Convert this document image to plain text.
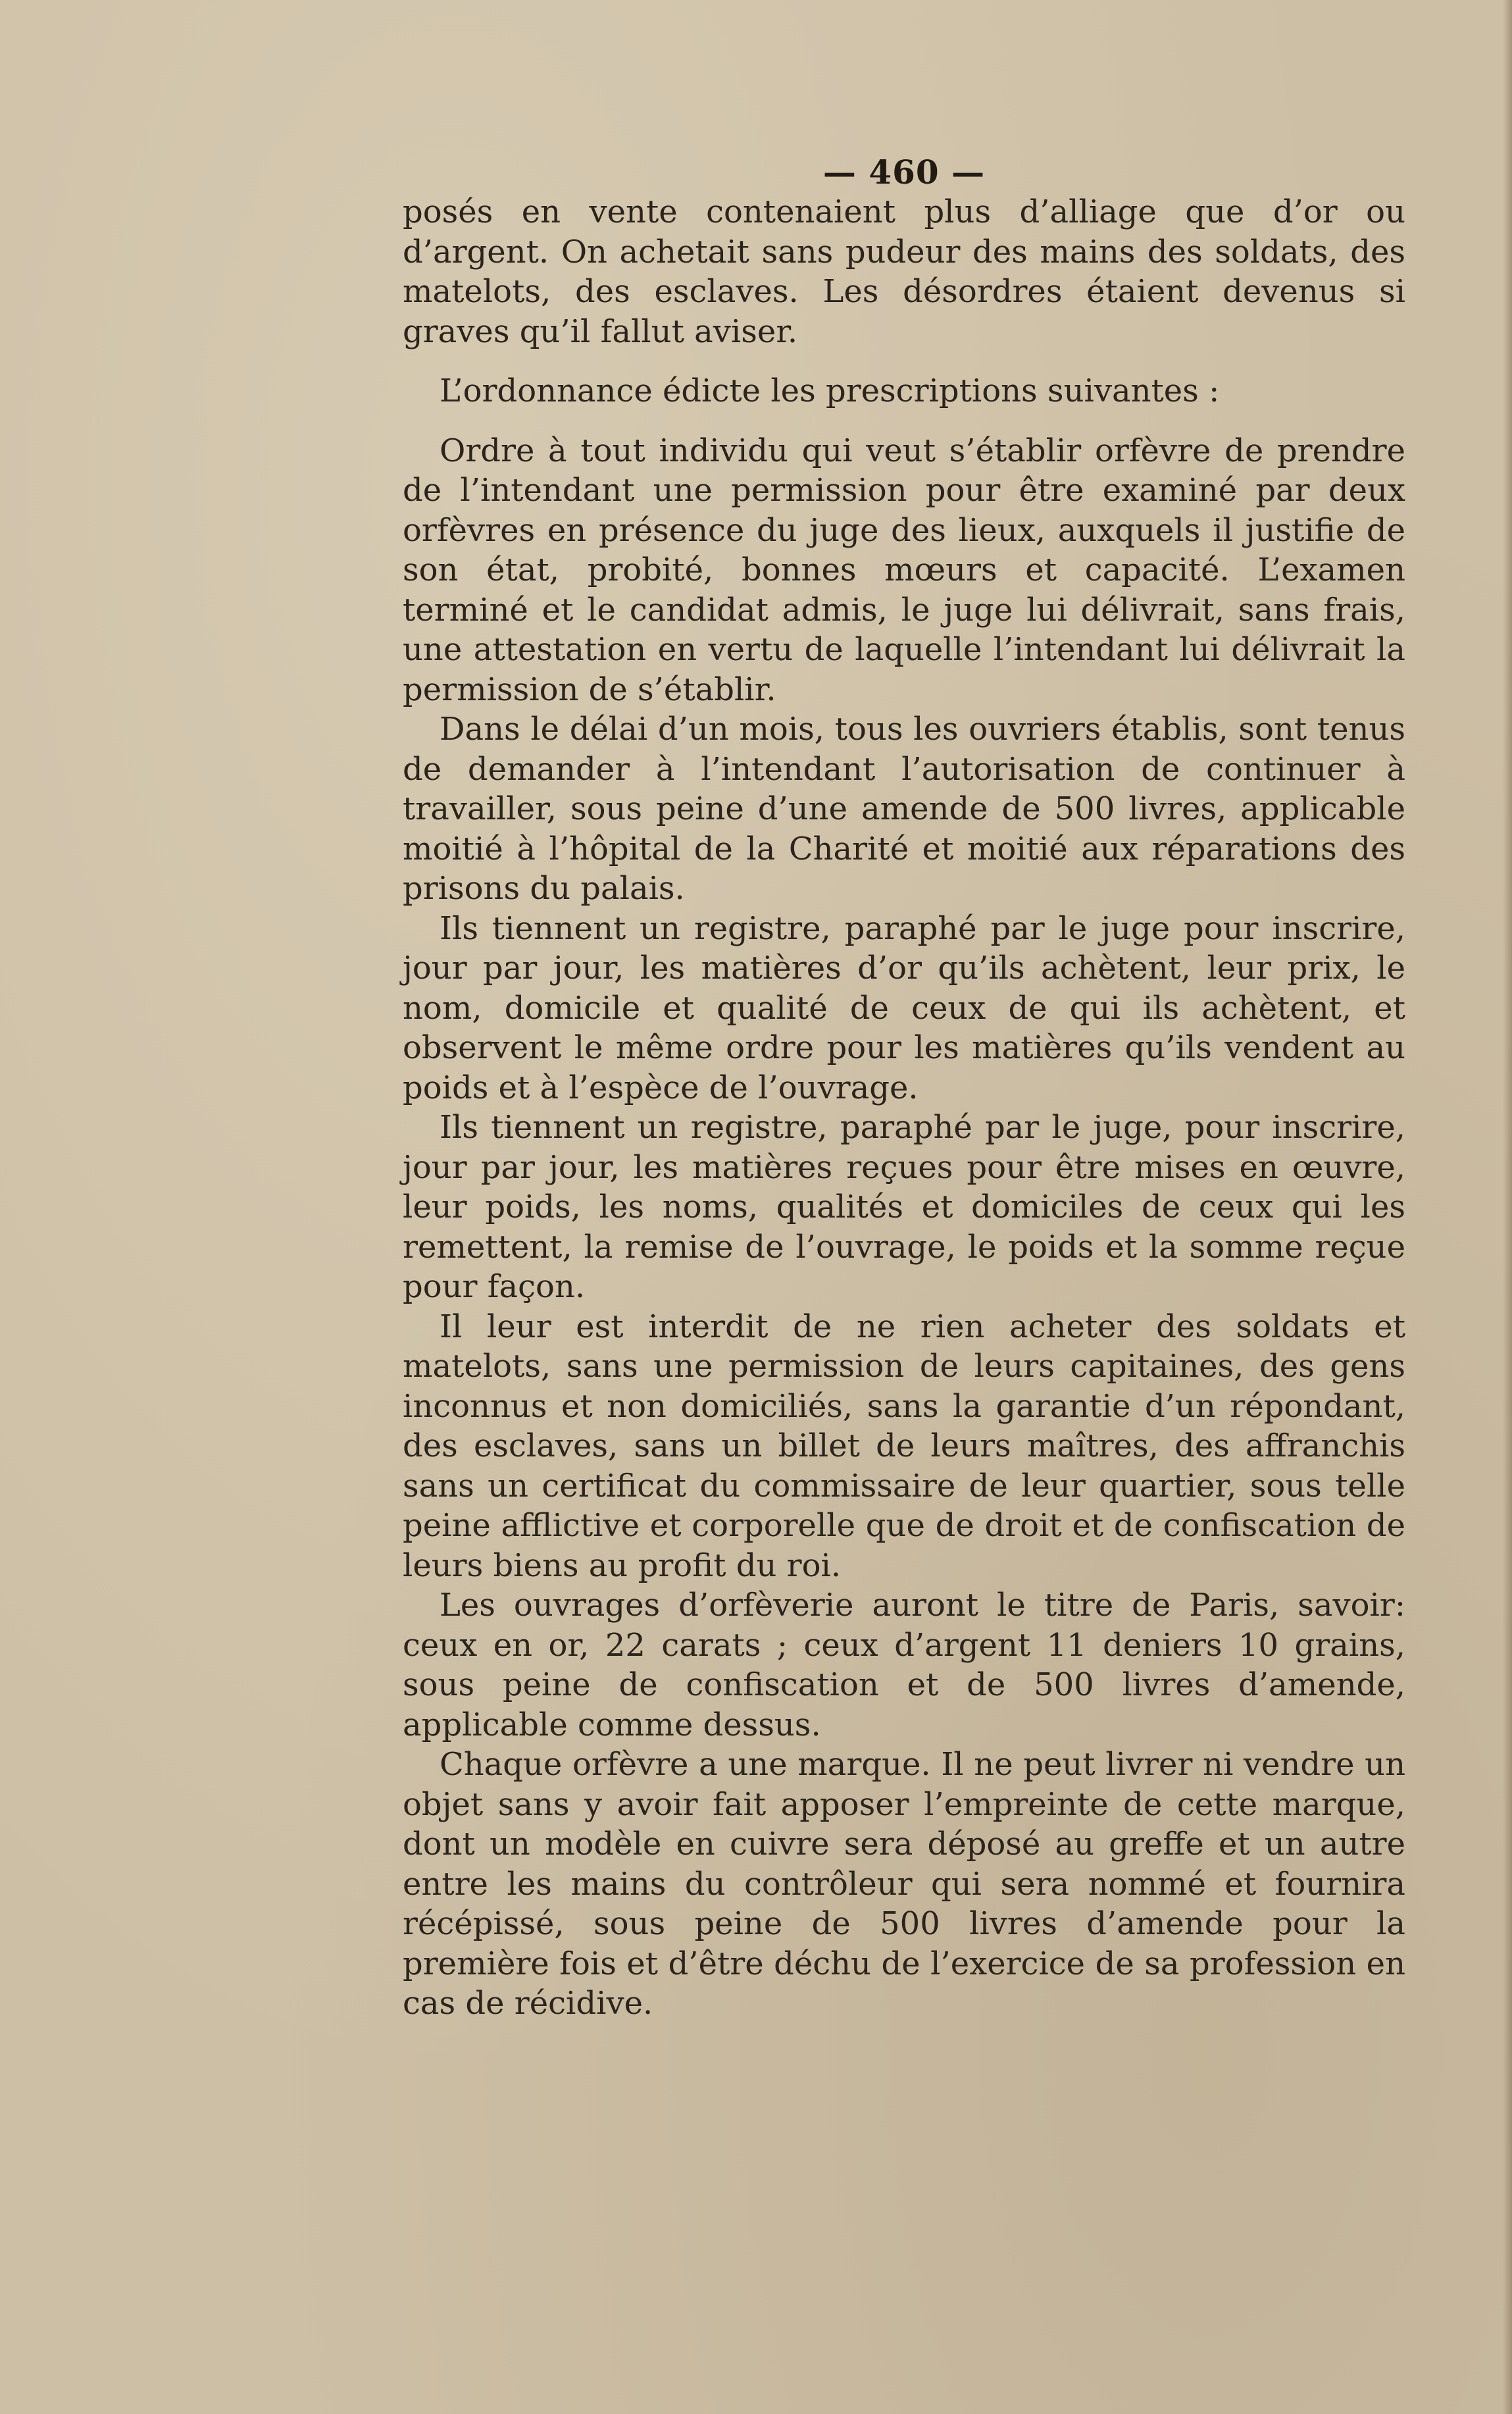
— 460 —

posés en vente contenaient plus d’alliage que d’or ou d’argent. On achetait sans pudeur des mains des soldats, des matelots, des esclaves. Les désordres étaient devenus si graves qu’il fallut aviser.

L’ordonnance édicte les prescriptions suivantes :

Ordre à tout individu qui veut s’établir orfèvre de prendre de l’intendant une permission pour être examiné par deux orfèvres en présence du juge des lieux, auxquels il justifie de son état, probité, bonnes mœurs et capacité. L’examen terminé et le candidat admis, le juge lui délivrait, sans frais, une attestation en vertu de laquelle l’intendant lui délivrait la permission de s’établir.

Dans le délai d’un mois, tous les ouvriers établis, sont tenus de demander à l’intendant l’autorisation de continuer à travailler, sous peine d’une amende de 500 livres, applicable moitié à l’hôpital de la Charité et moitié aux réparations des prisons du palais.

Ils tiennent un registre, paraphé par le juge pour inscrire, jour par jour, les matières d’or qu’ils achètent, leur prix, le nom, domicile et qualité de ceux de qui ils achètent, et observent le même ordre pour les matières qu’ils vendent au poids et à l’espèce de l’ouvrage.

Ils tiennent un registre, paraphé par le juge, pour inscrire, jour par jour, les matières reçues pour être mises en œuvre, leur poids, les noms, qualités et domiciles de ceux qui les remettent, la remise de l’ouvrage, le poids et la somme reçue pour façon.

Il leur est interdit de ne rien acheter des soldats et matelots, sans une permission de leurs capitaines, des gens inconnus et non domiciliés, sans la garantie d’un répondant, des esclaves, sans un billet de leurs maîtres, des affranchis sans un certificat du commissaire de leur quartier, sous telle peine afflictive et corporelle que de droit et de confiscation de leurs biens au profit du roi.

Les ouvrages d’orfèverie auront le titre de Paris, savoir: ceux en or, 22 carats ; ceux d’argent 11 deniers 10 grains, sous peine de confiscation et de 500 livres d’amende, applicable comme dessus.

Chaque orfèvre a une marque. Il ne peut livrer ni vendre un objet sans y avoir fait apposer l’empreinte de cette marque, dont un modèle en cuivre sera déposé au greffe et un autre entre les mains du contrôleur qui sera nommé et fournira récépissé, sous peine de 500 livres d’amende pour la première fois et d’être déchu de l’exercice de sa profession en cas de récidive.
